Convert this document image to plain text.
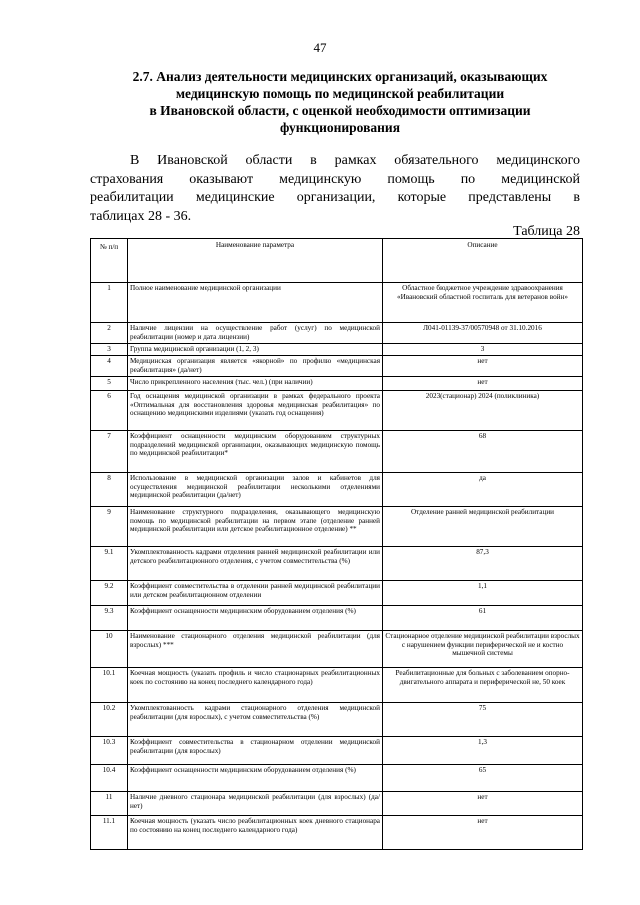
47
2.7. Анализ деятельности медицинских организаций, оказывающих
медицинскую помощь по медицинской реабилитации
в Ивановской области, с оценкой необходимости оптимизации
функционирования
В Ивановской области в рамках обязательного медицинского
страхования оказывают медицинскую помощь по медицинской
реабилитации медицинские организации, которые представлены в
таблицах 28 - 36.
Таблица 28
№ п/п	Наименование параметра	Описание
1	Полное наименование медицинской организации	Областное бюджетное учреждение здравоохранения «Ивановский областной госпиталь для ветеранов войн»
2	Наличие лицензии на осуществление работ (услуг) по медицинской реабилитации (номер и дата лицензии)	Л041-01139-37/00570948 от 31.10.2016
3	Группа медицинской организации (1, 2, 3)	3
4	Медицинская организация является «якорной» по профилю «медицинская реабилитация» (да/нет)	нет
5	Число прикрепленного населения (тыс. чел.) (при наличии)	нет
6	Год оснащения медицинской организации в рамках федерального проекта «Оптимальная для восстановления здоровья медицинская реабилитация» по оснащению медицинскими изделиями (указать год оснащения)	2023(стационар) 2024 (поликлиника)
7	Коэффициент оснащенности медицинским оборудованием структурных подразделений медицинской организации, оказывающих медицинскую помощь по медицинской реабилитации*	68
8	Использование в медицинской организации залов и кабинетов для осуществления медицинской реабилитации несколькими отделениями медицинской реабилитации (да/нет)	да
9	Наименование структурного подразделения, оказывающего медицинскую помощь по медицинской реабилитации на первом этапе (отделение ранней медицинской реабилитации или детское реабилитационное отделение) **	Отделение ранней медицинской реабилитации
9.1	Укомплектованность кадрами отделения ранней медицинской реабилитации или детского реабилитационного отделения, с учетом совместительства (%)	87,3
9.2	Коэффициент совместительства в отделении ранней медицинской реабилитации или детском реабилитационном отделении	1,1
9.3	Коэффициент оснащенности медицинским оборудованием отделения (%)	61
10	Наименование стационарного отделения медицинской реабилитации (для взрослых) ***	Стационарное отделение медицинской реабилитации взрослых с нарушением функции периферической не и костно мышечной системы
10.1	Коечная мощность (указать профиль и число стационарных реабилитационных коек по состоянию на конец последнего календарного года)	Реабилитационные для больных с заболеванием опорно-двигательного аппарата и периферической не, 50 коек
10.2	Укомплектованность кадрами стационарного отделения медицинской реабилитации (для взрослых), с учетом совместительства (%)	75
10.3	Коэффициент совместительства в стационарном отделении медицинской реабилитации (для взрослых)	1,3
10.4	Коэффициент оснащенности медицинским оборудованием отделения (%)	65
11	Наличие дневного стационара медицинской реабилитации (для взрослых) (да/нет)	нет
11.1	Коечная мощность (указать число реабилитационных коек дневного стационара по состоянию на конец последнего календарного года)	нет
